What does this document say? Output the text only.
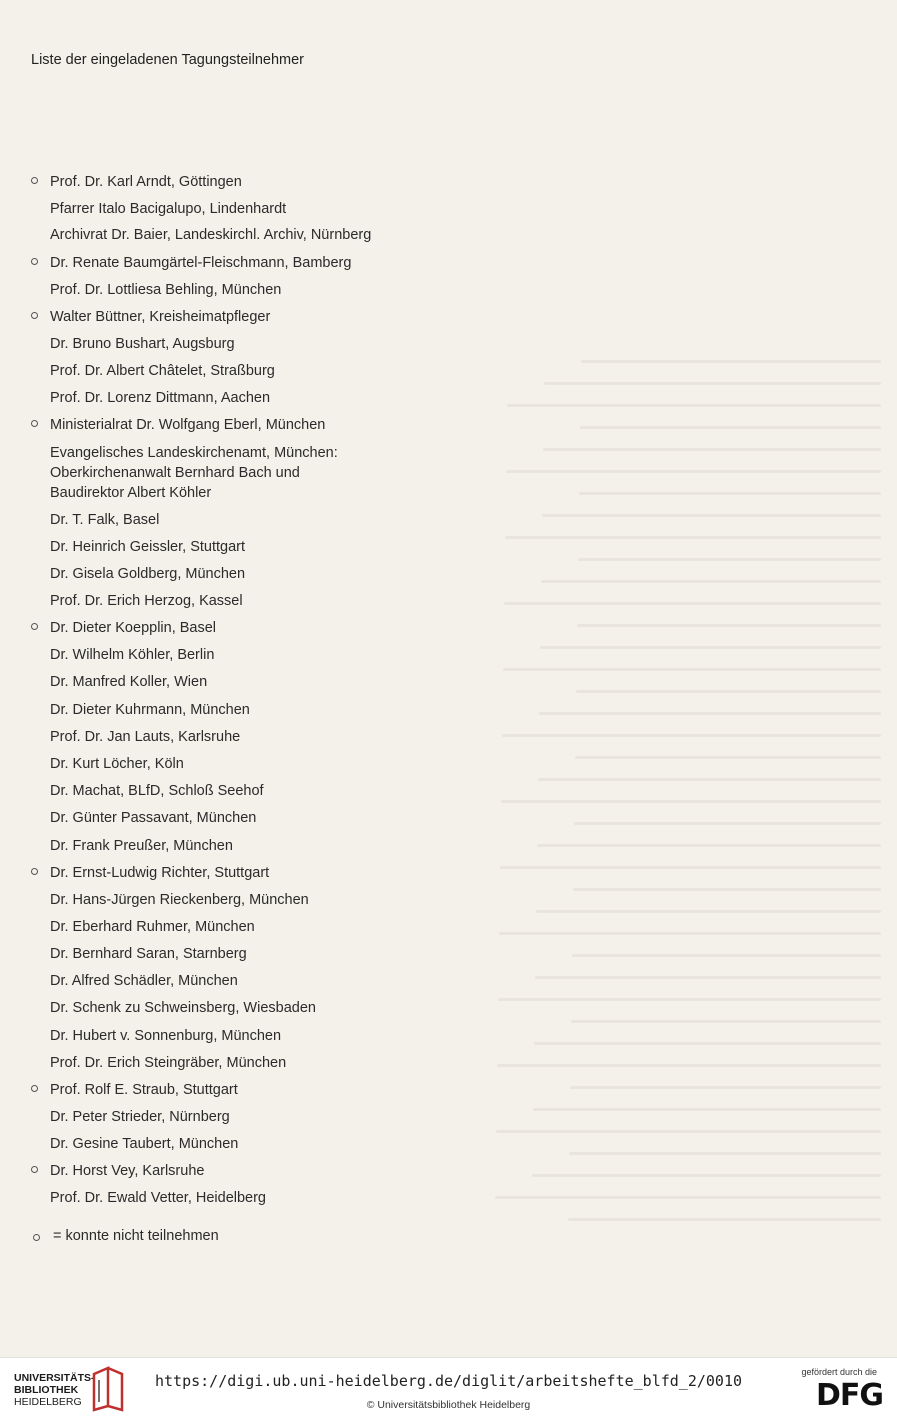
Liste der eingeladenen Tagungsteilnehmer
Prof. Dr. Karl Arndt, Göttingen
Pfarrer Italo Bacigalupo, Lindenhardt
Archivrat Dr. Baier, Landeskirchl. Archiv, Nürnberg
Dr. Renate Baumgärtel-Fleischmann, Bamberg
Prof. Dr. Lottliesa Behling, München
Walter Büttner, Kreisheimatpfleger
Dr. Bruno Bushart, Augsburg
Prof. Dr. Albert Châtelet, Straßburg
Prof. Dr. Lorenz Dittmann, Aachen
Ministerialrat Dr. Wolfgang Eberl, München
Evangelisches Landeskirchenamt, München:
Oberkirchenanwalt Bernhard Bach und
Baudirektor Albert Köhler
Dr. T. Falk, Basel
Dr. Heinrich Geissler, Stuttgart
Dr. Gisela Goldberg, München
Prof. Dr. Erich Herzog, Kassel
Dr. Dieter Koepplin, Basel
Dr. Wilhelm Köhler, Berlin
Dr. Manfred Koller, Wien
Dr. Dieter Kuhrmann, München
Prof. Dr. Jan Lauts, Karlsruhe
Dr. Kurt Löcher, Köln
Dr. Machat, BLfD, Schloß Seehof
Dr. Günter Passavant, München
Dr. Frank Preußer, München
Dr. Ernst-Ludwig Richter, Stuttgart
Dr. Hans-Jürgen Rieckenberg, München
Dr. Eberhard Ruhmer, München
Dr. Bernhard Saran, Starnberg
Dr. Alfred Schädler, München
Dr. Schenk zu Schweinsberg, Wiesbaden
Dr. Hubert v. Sonnenburg, München
Prof. Dr. Erich Steingräber, München
Prof. Rolf E. Straub, Stuttgart
Dr. Peter Strieder, Nürnberg
Dr. Gesine Taubert, München
Dr. Horst Vey, Karlsruhe
Prof. Dr. Ewald Vetter, Heidelberg
= konnte nicht teilnehmen
UNIVERSITÄTS-
BIBLIOTHEK
HEIDELBERG
https://digi.ub.uni-heidelberg.de/diglit/arbeitshefte_blfd_2/0010
© Universitätsbibliothek Heidelberg
gefördert durch die
DFG
